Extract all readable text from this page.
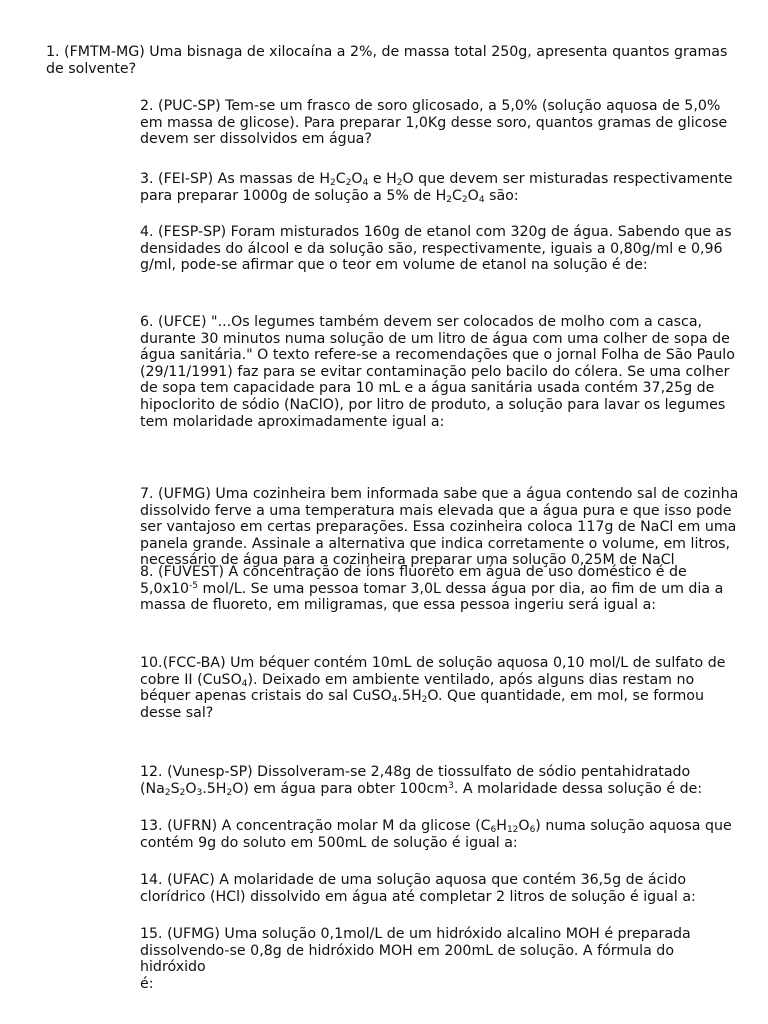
1. (FMTM-MG) Uma bisnaga de xilocaína a 2%, de massa total 250g, apresenta quantos gramas
de solvente?

2. (PUC-SP) Tem-se um frasco de soro glicosado, a 5,0% (solução aquosa de 5,0%
em massa de glicose). Para preparar 1,0Kg desse soro, quantos gramas de glicose
devem ser dissolvidos em água?

3. (FEI-SP) As massas de $H_2C_2O_4$ e $H_2O$ que devem ser misturadas respectivamente
para preparar 1000g de solução a 5% de $H_2C_2O_4$ são:

4. (FESP-SP) Foram misturados 160g de etanol com 320g de água. Sabendo que as
densidades do álcool e da solução são, respectivamente, iguais a 0,80g/ml e 0,96
g/ml, pode-se afirmar que o teor em volume de etanol na solução é de:

6. (UFCE) "...Os legumes também devem ser colocados de molho com a casca,
durante 30 minutos numa solução de um litro de água com uma colher de sopa de
água sanitária." O texto refere-se a recomendações que o jornal Folha de São Paulo
(29/11/1991) faz para se evitar contaminação pelo bacilo do cólera. Se uma colher
de sopa tem capacidade para 10 mL e a água sanitária usada contém 37,25g de
hipoclorito de sódio (NaClO), por litro de produto, a solução para lavar os legumes
tem molaridade aproximadamente igual a:

7. (UFMG) Uma cozinheira bem informada sabe que a água contendo sal de cozinha
dissolvido ferve a uma temperatura mais elevada que a água pura e que isso pode
ser vantajoso em certas preparações. Essa cozinheira coloca 117g de NaCl em uma
panela grande. Assinale a alternativa que indica corretamente o volume, em litros,
necessário de água para a cozinheira preparar uma solução 0,25M de NaCl

8. (FUVEST) A concentração de íons fluoreto em água de uso doméstico é de
$5,0x10^{-5}$ mol/L. Se uma pessoa tomar 3,0L dessa água por dia, ao fim de um dia a
massa de fluoreto, em miligramas, que essa pessoa ingeriu será igual a:

10.(FCC-BA) Um béquer contém 10mL de solução aquosa 0,10 mol/L de sulfato de
cobre II (CuSO$_4$). Deixado em ambiente ventilado, após alguns dias restam no
béquer apenas cristais do sal $CuSO_4.5H_2O$. Que quantidade, em mol, se formou
desse sal?

12. (Vunesp-SP) Dissolveram-se 2,48g de tiossulfato de sódio pentahidratado
$(Na_2S_2O_3.5H_2O)$ em água para obter $100cm^3$. A molaridade dessa solução é de:

13. (UFRN) A concentração molar M da glicose $(C_6H_{12}O_6)$ numa solução aquosa que
contém 9g do soluto em 500mL de solução é igual a:

14. (UFAC) A molaridade de uma solução aquosa que contém 36,5g de ácido
clorídrico (HCl) dissolvido em água até completar 2 litros de solução é igual a:

15. (UFMG) Uma solução 0,1mol/L de um hidróxido alcalino MOH é preparada
dissolvendo-se 0,8g de hidróxido MOH em 200mL de solução. A fórmula do hidróxido
é:
